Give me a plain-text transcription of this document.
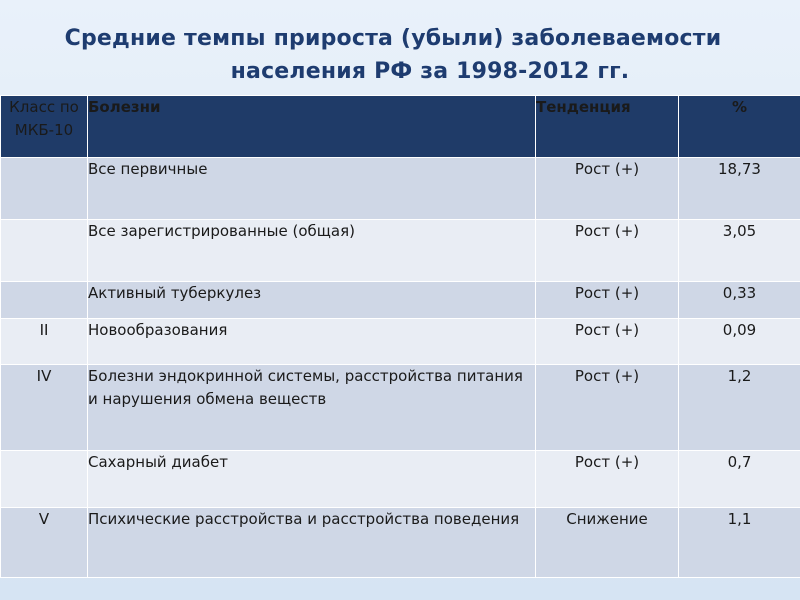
Средние темпы прироста (убыли) заболеваемости
населения РФ за 1998-2012 гг.
Класс по МКБ-10	Болезни	Тенденция	%
	Все первичные	Рост (+)	18,73
	Все зарегистрированные (общая)	Рост (+)	3,05
	Активный туберкулез	Рост (+)	0,33
II	Новообразования	Рост (+)	0,09
IV	Болезни эндокринной системы, расстройства питания и нарушения обмена веществ	Рост (+)	1,2
	Сахарный диабет	Рост (+)	0,7
V	Психические расстройства и расстройства поведения	Снижение	1,1
